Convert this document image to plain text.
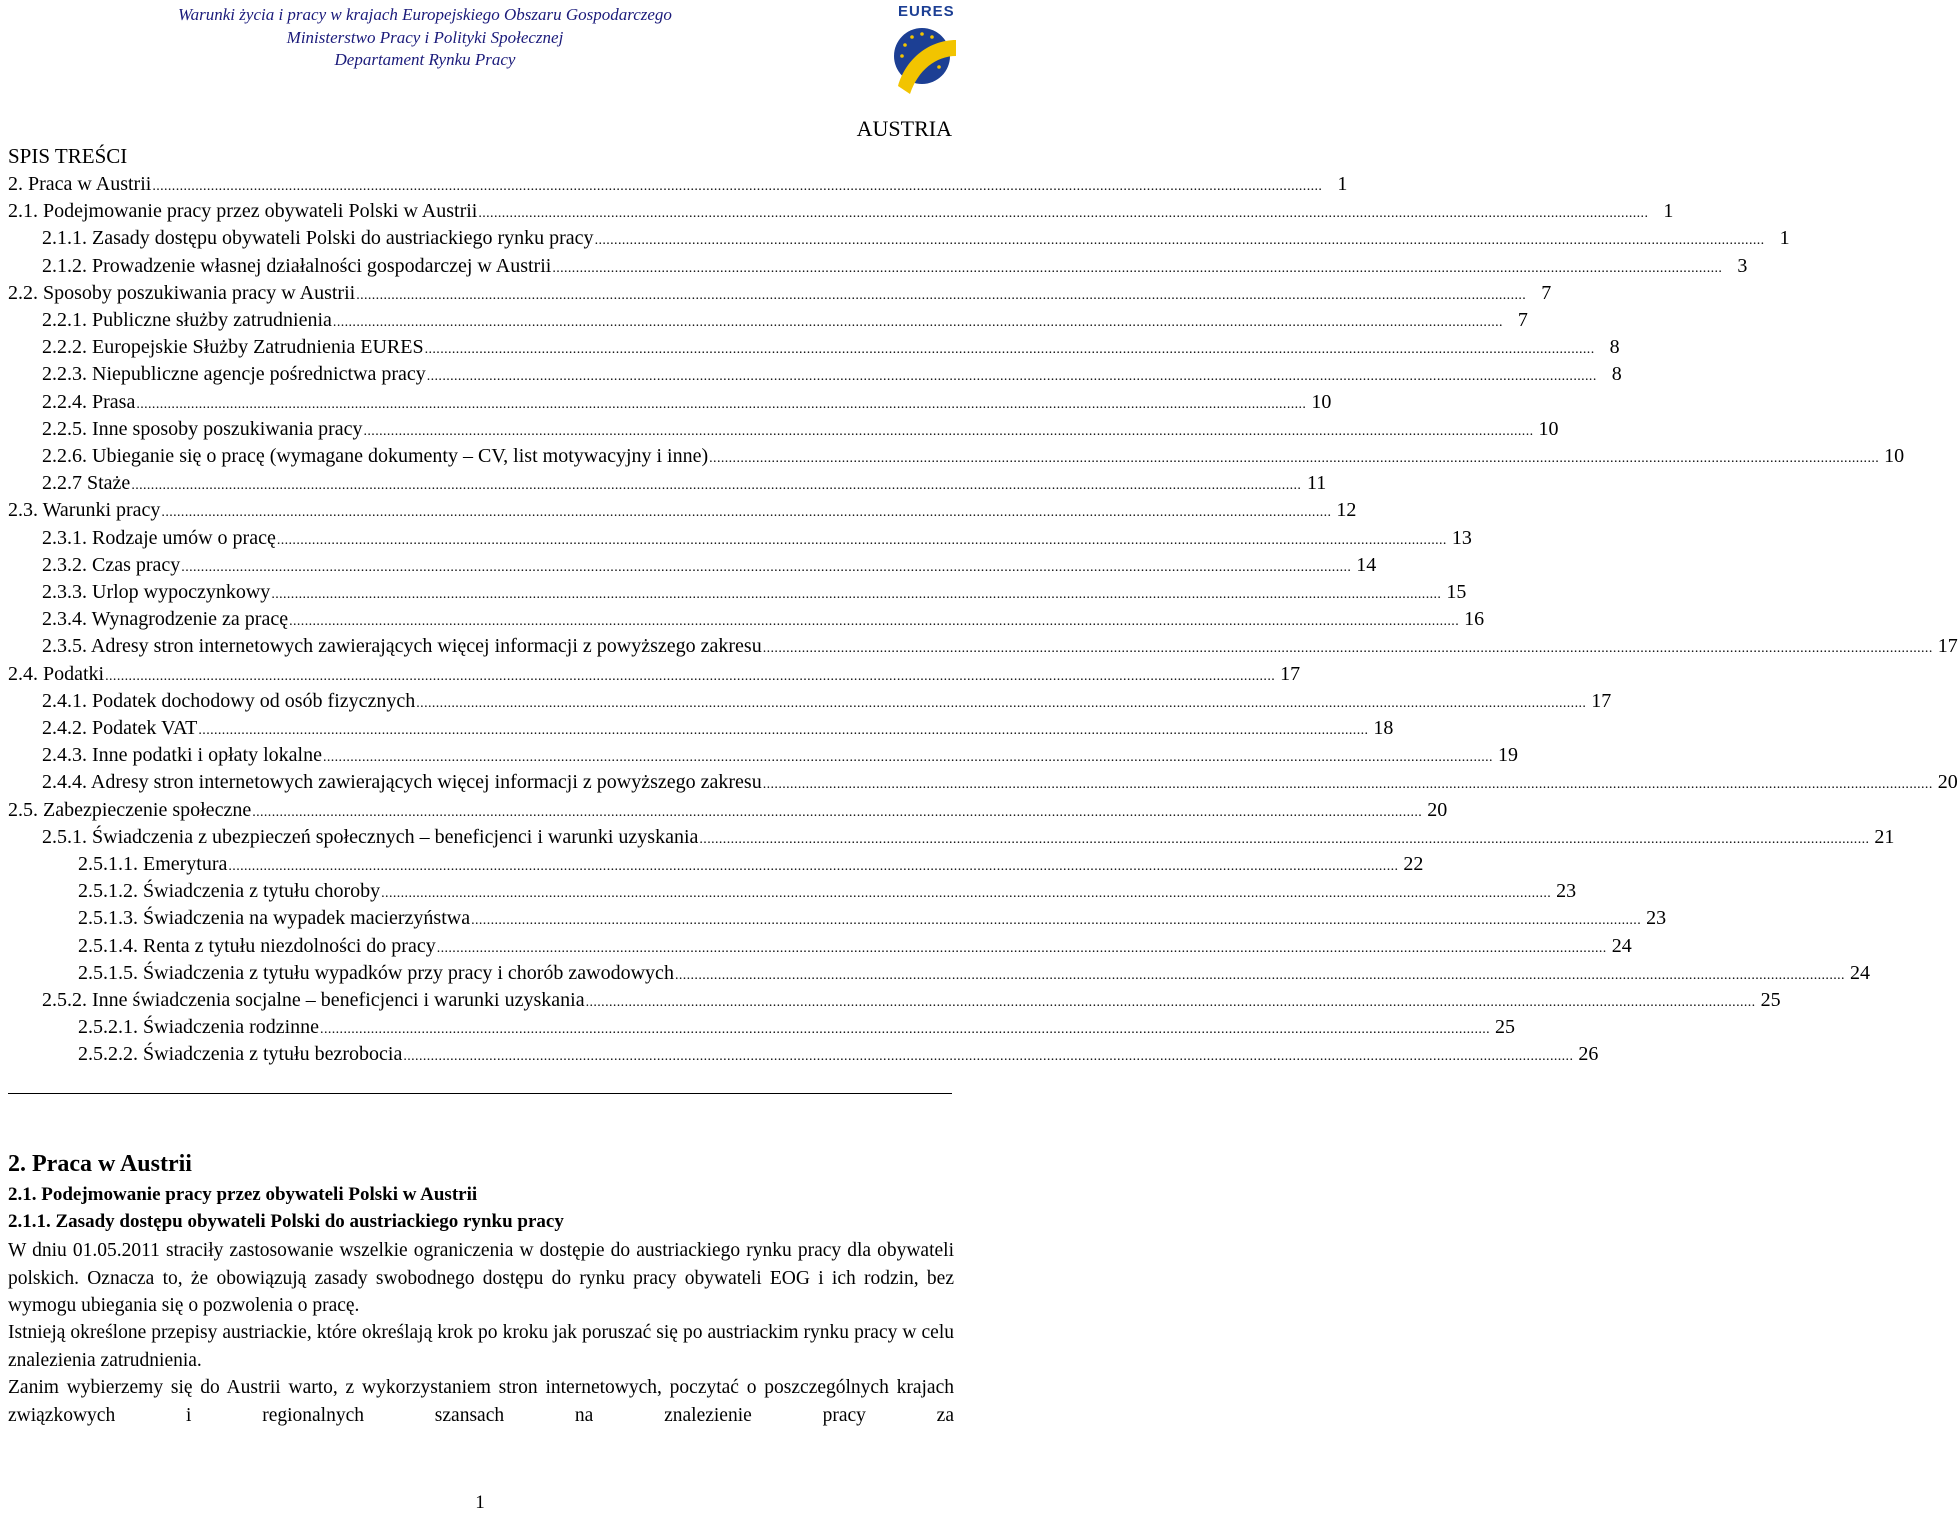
Warunki życia i pracy w krajach Europejskiego Obszaru Gospodarczego
Ministerstwo Pracy i Polityki Społecznej
Departament Rynku Pracy
EURES
AUSTRIA
SPIS TREŚCI
2. Praca w Austrii ............................................................................................................................................................................................................................................................................................................ 1
2.1. Podejmowanie pracy przez obywateli Polski w Austrii ............................................................................................................................................................................................................................................................................................................ 1
2.1.1. Zasady dostępu obywateli Polski do austriackiego rynku pracy ............................................................................................................................................................................................................................................................................................................ 1
2.1.2. Prowadzenie własnej działalności gospodarczej w Austrii ............................................................................................................................................................................................................................................................................................................ 3
2.2. Sposoby poszukiwania pracy w Austrii ............................................................................................................................................................................................................................................................................................................ 7
2.2.1. Publiczne służby zatrudnienia ............................................................................................................................................................................................................................................................................................................ 7
2.2.2. Europejskie Służby Zatrudnienia EURES ............................................................................................................................................................................................................................................................................................................ 8
2.2.3. Niepubliczne agencje pośrednictwa pracy ............................................................................................................................................................................................................................................................................................................ 8
2.2.4. Prasa ............................................................................................................................................................................................................................................................................................................ 10
2.2.5. Inne sposoby poszukiwania pracy ............................................................................................................................................................................................................................................................................................................ 10
2.2.6. Ubieganie się o pracę (wymagane dokumenty – CV, list motywacyjny i inne) ............................................................................................................................................................................................................................................................................................................ 10
2.2.7 Staże ............................................................................................................................................................................................................................................................................................................ 11
2.3. Warunki pracy ............................................................................................................................................................................................................................................................................................................ 12
2.3.1. Rodzaje umów o pracę ............................................................................................................................................................................................................................................................................................................ 13
2.3.2. Czas pracy ............................................................................................................................................................................................................................................................................................................ 14
2.3.3. Urlop wypoczynkowy ............................................................................................................................................................................................................................................................................................................ 15
2.3.4. Wynagrodzenie za pracę ............................................................................................................................................................................................................................................................................................................ 16
2.3.5. Adresy stron internetowych zawierających więcej informacji z powyższego zakresu ............................................................................................................................................................................................................................................................................................................ 17
2.4. Podatki ............................................................................................................................................................................................................................................................................................................ 17
2.4.1. Podatek dochodowy od osób fizycznych ............................................................................................................................................................................................................................................................................................................ 17
2.4.2. Podatek VAT ............................................................................................................................................................................................................................................................................................................ 18
2.4.3. Inne podatki i opłaty lokalne ............................................................................................................................................................................................................................................................................................................ 19
2.4.4. Adresy stron internetowych zawierających więcej informacji z powyższego zakresu ............................................................................................................................................................................................................................................................................................................ 20
2.5. Zabezpieczenie społeczne ............................................................................................................................................................................................................................................................................................................ 20
2.5.1. Świadczenia z ubezpieczeń społecznych – beneficjenci i warunki uzyskania ............................................................................................................................................................................................................................................................................................................ 21
2.5.1.1. Emerytura ............................................................................................................................................................................................................................................................................................................ 22
2.5.1.2. Świadczenia z tytułu choroby ............................................................................................................................................................................................................................................................................................................ 23
2.5.1.3. Świadczenia na wypadek macierzyństwa ............................................................................................................................................................................................................................................................................................................ 23
2.5.1.4. Renta z tytułu niezdolności do pracy ............................................................................................................................................................................................................................................................................................................ 24
2.5.1.5. Świadczenia z tytułu wypadków przy pracy i chorób zawodowych ............................................................................................................................................................................................................................................................................................................ 24
2.5.2. Inne świadczenia socjalne – beneficjenci i warunki uzyskania ............................................................................................................................................................................................................................................................................................................ 25
2.5.2.1. Świadczenia rodzinne ............................................................................................................................................................................................................................................................................................................ 25
2.5.2.2. Świadczenia z tytułu bezrobocia ............................................................................................................................................................................................................................................................................................................ 26
2. Praca w Austrii
2.1. Podejmowanie pracy przez obywateli Polski w Austrii
2.1.1. Zasady dostępu obywateli Polski do austriackiego rynku pracy
W dniu 01.05.2011 straciły zastosowanie wszelkie ograniczenia w dostępie do austriackiego rynku pracy dla obywateli polskich. Oznacza to, że obowiązują zasady swobodnego dostępu do rynku pracy obywateli EOG i ich rodzin, bez wymogu ubiegania się o pozwolenia o pracę.
Istnieją określone przepisy austriackie, które określają krok po kroku jak poruszać się po austriackim rynku pracy w celu znalezienia zatrudnienia.
Zanim wybierzemy się do Austrii warto, z wykorzystaniem stron internetowych, poczytać o poszczególnych krajach związkowych i regionalnych szansach na znalezienie pracy za
1
